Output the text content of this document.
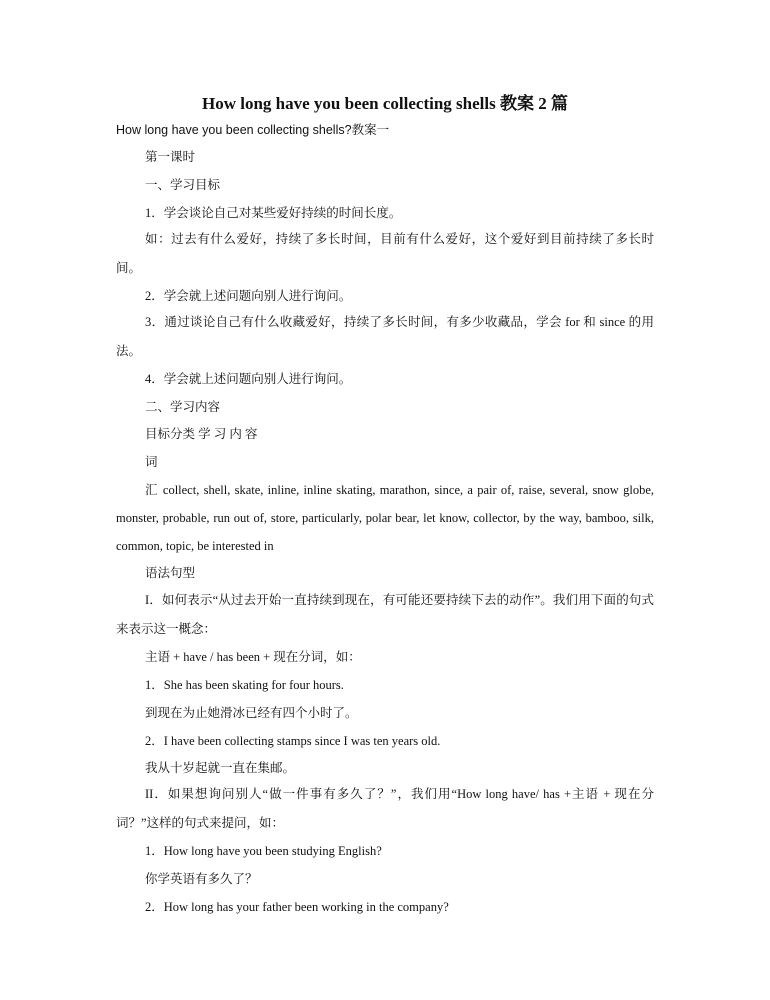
How long have you been collecting shells 教案 2 篇
How long have you been collecting shells?教案一

第一课时

一、学习目标

1．学会谈论自己对某些爱好持续的时间长度。

如：过去有什么爱好，持续了多长时间，目前有什么爱好，这个爱好到目前持续了多长时间。

2．学会就上述问题向别人进行询问。

3．通过谈论自己有什么收藏爱好，持续了多长时间，有多少收藏品，学会 for 和 since 的用法。

4．学会就上述问题向别人进行询问。

二、学习内容

目标分类 学 习 内 容

词

汇 collect, shell, skate, inline, inline skating, marathon, since, a pair of, raise, several, snow globe, monster, probable, run out of, store, particularly, polar bear, let know, collector, by the way, bamboo, silk, common, topic, be interested in

语法句型

I．如何表示“从过去开始一直持续到现在，有可能还要持续下去的动作”。我们用下面的句式来表示这一概念：

主语 + have / has been + 现在分词，如：

1．She has been skating for four hours.

到现在为止她滑冰已经有四个小时了。

2．I have been collecting stamps since I was ten years old.

我从十岁起就一直在集邮。

II．如果想询问别人“做一件事有多久了？”，我们用“How long have/ has +主语 + 现在分词？”这样的句式来提问，如：

1．How long have you been studying English?

你学英语有多久了？

2．How long has your father been working in the company?
